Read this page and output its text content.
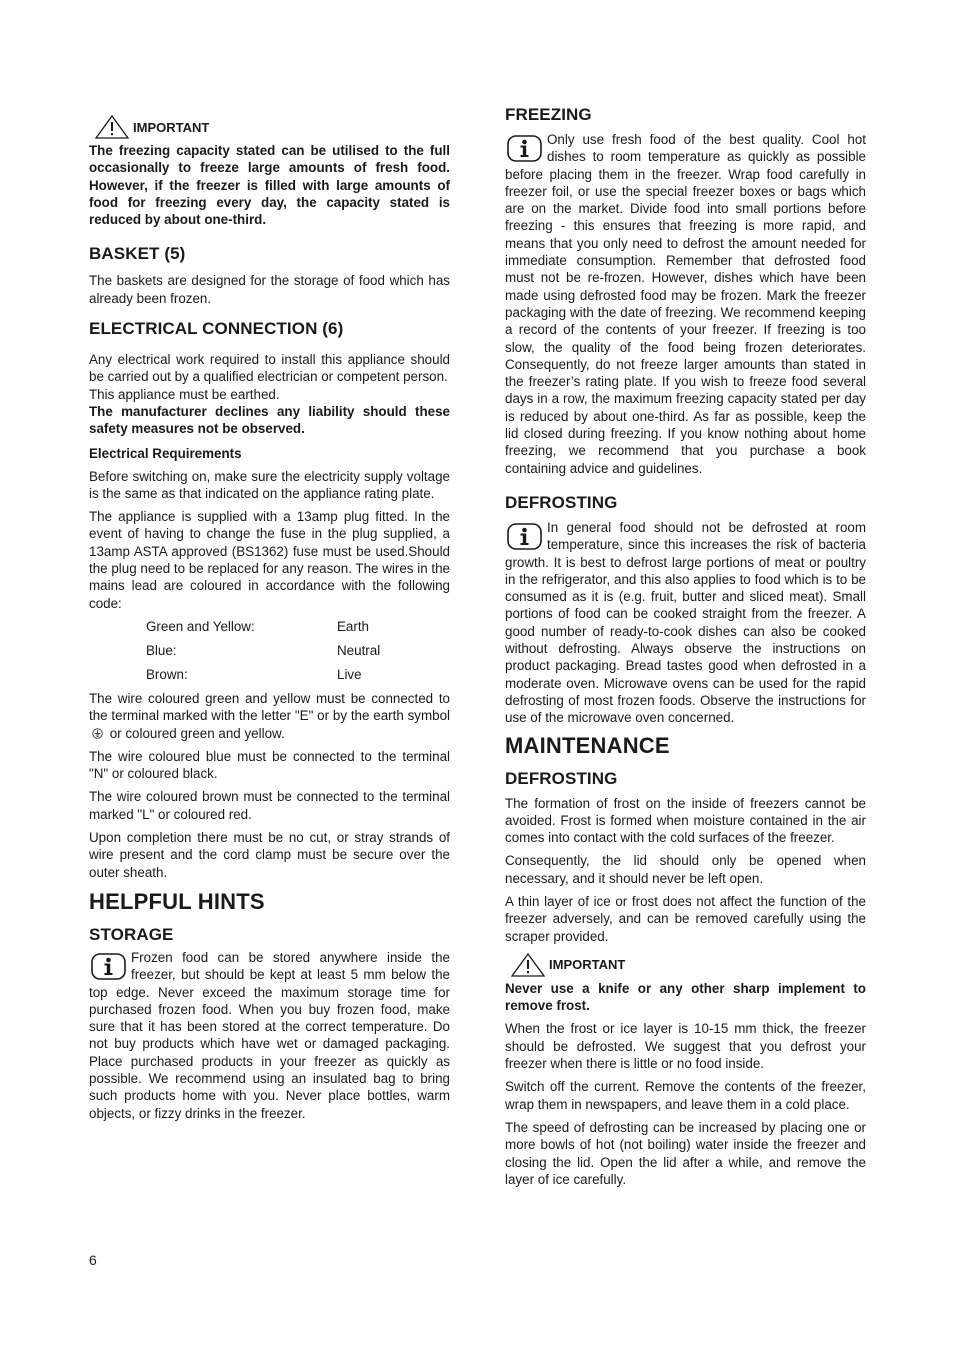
IMPORTANT

The freezing capacity stated can be utilised to the full occasionally to freeze large amounts of fresh food. However, if the freezer is filled with large amounts of food for freezing every day, the capacity stated is reduced by about one-third.

BASKET (5)

The baskets are designed for the storage of food which has already been frozen.

ELECTRICAL CONNECTION (6)

Any electrical work required to install this appliance should be carried out by a qualified electrician or competent person.

This appliance must be earthed.

The manufacturer declines any liability should these safety measures not be observed.

Electrical Requirements

Before switching on, make sure the electricity supply voltage is the same as that indicated on the appliance rating plate.

The appliance is supplied with a 13amp plug fitted. In the event of having to change the fuse in the plug supplied, a 13amp ASTA approved (BS1362) fuse must be used.Should the plug need to be replaced for any reason. The wires in the mains lead are coloured in accordance with the following code:

Green and Yellow:	Earth
Blue:	Neutral
Brown:	Live

The wire coloured green and yellow must be connected to the terminal marked with the letter "E" or by the earth symbol  or coloured green and yellow.

The wire coloured blue must be connected to the terminal "N" or coloured black.

The wire coloured brown must be connected to the terminal marked "L" or coloured red.

Upon completion there must be no cut, or stray strands of wire present and the cord clamp must be secure over the outer sheath.

HELPFUL HINTS
STORAGE

Frozen food can be stored anywhere inside the freezer, but should be kept at least 5 mm below the top edge. Never exceed the maximum storage time for purchased frozen food. When you buy frozen food, make sure that it has been stored at the correct temperature. Do not buy products which have wet or damaged packaging. Place purchased products in your freezer as quickly as possible. We recommend using an insulated bag to bring such products home with you. Never place bottles, warm objects, or fizzy drinks in the freezer.

FREEZING

Only use fresh food of the best quality. Cool hot dishes to room temperature as quickly as possible before placing them in the freezer. Wrap food carefully in freezer foil, or use the special freezer boxes or bags which are on the market. Divide food into small portions before freezing - this ensures that freezing is more rapid, and means that you only need to defrost the amount needed for immediate consumption. Remember that defrosted food must not be re-frozen. However, dishes which have been made using defrosted food may be frozen. Mark the freezer packaging with the date of freezing. We recommend keeping a record of the contents of your freezer. If freezing is too slow, the quality of the food being frozen deteriorates. Consequently, do not freeze larger amounts than stated in the freezer’s rating plate. If you wish to freeze food several days in a row, the maximum freezing capacity stated per day is reduced by about one-third. As far as possible, keep the lid closed during freezing. If you know nothing about home freezing, we recommend that you purchase a book containing advice and guidelines.

DEFROSTING

In general food should not be defrosted at room temperature, since this increases the risk of bacteria growth. It is best to defrost large portions of meat or poultry in the refrigerator, and this also applies to food which is to be consumed as it is (e.g. fruit, butter and sliced meat). Small portions of food can be cooked straight from the freezer. A good number of ready-to-cook dishes can also be cooked without defrosting. Always observe the instructions on product packaging. Bread tastes good when defrosted in a moderate oven. Microwave ovens can be used for the rapid defrosting of most frozen foods. Observe the instructions for use of the microwave oven concerned.

MAINTENANCE
DEFROSTING

The formation of frost on the inside of freezers cannot be avoided. Frost is formed when moisture contained in the air comes into contact with the cold surfaces of the freezer.

Consequently, the lid should only be opened when necessary, and it should never be left open.

A thin layer of ice or frost does not affect the function of the freezer adversely, and can be removed carefully using the scraper provided.

IMPORTANT

Never use a knife or any other sharp implement to remove frost.

When the frost or ice layer is 10-15 mm thick, the freezer should be defrosted. We suggest that you defrost your freezer when there is little or no food inside.

Switch off the current. Remove the contents of the freezer, wrap them in newspapers, and leave them in a cold place.

The speed of defrosting can be increased by placing one or more bowls of hot (not boiling) water inside the freezer and closing the lid. Open the lid after a while, and remove the layer of ice carefully.

6
